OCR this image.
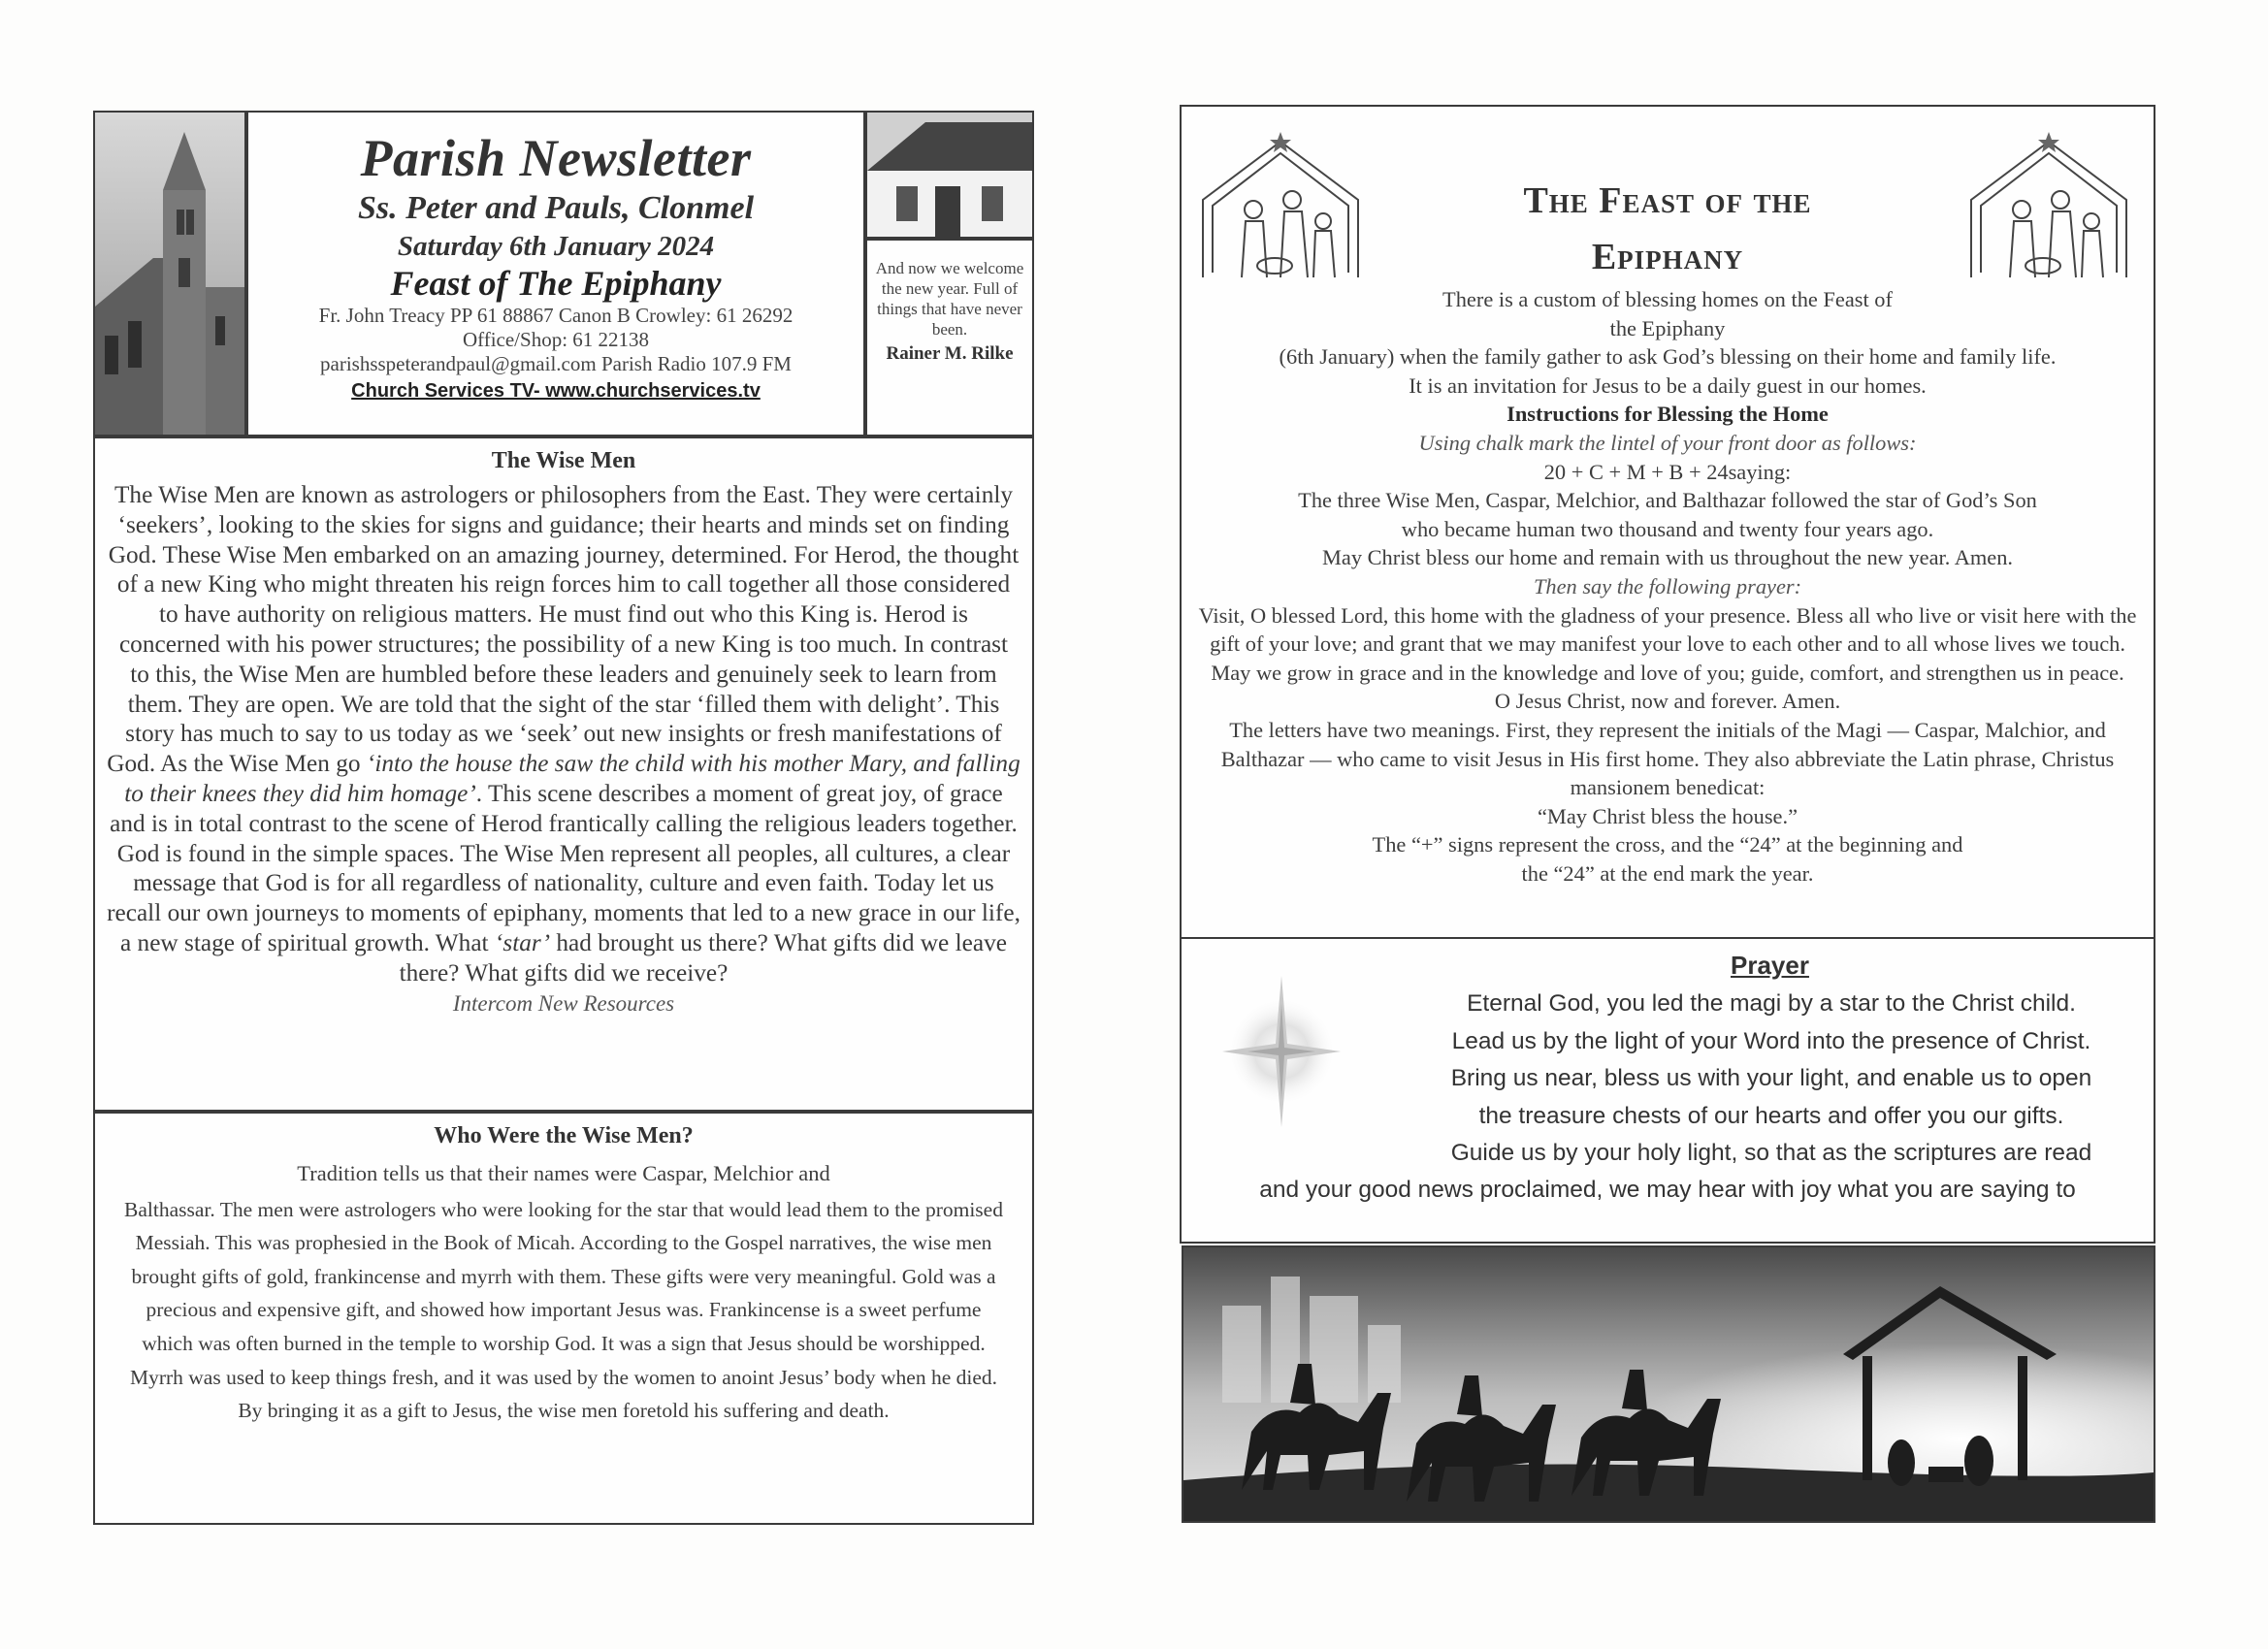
Parish Newsletter
Ss. Peter and Pauls, Clonmel
Saturday 6th January 2024
Feast of The Epiphany
Fr. John Treacy PP 61 88867 Canon B Crowley: 61 26292
Office/Shop: 61 22138
parishsspeterandpaul@gmail.com Parish Radio 107.9 FM
Church Services TV- www.churchservices.tv
And now we welcome the new year. Full of things that have never been.
Rainer M. Rilke
The Wise Men
The Wise Men are known as astrologers or philosophers from the East. They were certainly ‘seekers’, looking to the skies for signs and guidance; their hearts and minds set on finding God. These Wise Men embarked on an amazing journey, determined. For Herod, the thought of a new King who might threaten his reign forces him to call together all those considered to have authority on religious matters. He must find out who this King is. Herod is concerned with his power structures; the possibility of a new King is too much. In contrast to this, the Wise Men are humbled before these leaders and genuinely seek to learn from them. They are open. We are told that the sight of the star ‘filled them with delight’. This story has much to say to us today as we ‘seek’ out new insights or fresh manifestations of God. As the Wise Men go ‘into the house the saw the child with his mother Mary, and falling to their knees they did him homage’. This scene describes a moment of great joy, of grace and is in total contrast to the scene of Herod frantically calling the religious leaders together. God is found in the simple spaces. The Wise Men represent all peoples, all cultures, a clear message that God is for all regardless of nationality, culture and even faith. Today let us recall our own journeys to moments of epiphany, moments that led to a new grace in our life, a new stage of spiritual growth. What ‘star’ had brought us there? What gifts did we leave there? What gifts did we receive?
Intercom New Resources
Who Were the Wise Men?
Tradition tells us that their names were Caspar, Melchior and
Balthassar. The men were astrologers who were looking for the star that would lead them to the promised Messiah. This was prophesied in the Book of Micah. According to the Gospel narratives, the wise men brought gifts of gold, frankincense and myrrh with them. These gifts were very meaningful. Gold was a precious and expensive gift, and showed how important Jesus was. Frankincense is a sweet perfume which was often burned in the temple to worship God. It was a sign that Jesus should be worshipped. Myrrh was used to keep things fresh, and it was used by the women to anoint Jesus’ body when he died. By bringing it as a gift to Jesus, the wise men foretold his suffering and death.
The Feast of the
Epiphany
There is a custom of blessing homes on the Feast of
the Epiphany
(6th January) when the family gather to ask God’s blessing on their home and family life.
It is an invitation for Jesus to be a daily guest in our homes.
Instructions for Blessing the Home
Using chalk mark the lintel of your front door as follows:
20 + C + M + B + 24saying:
The three Wise Men, Caspar, Melchior, and Balthazar followed the star of God’s Son
who became human two thousand and twenty four years ago.
May Christ bless our home and remain with us throughout the new year. Amen.
Then say the following prayer:
Visit, O blessed Lord, this home with the gladness of your presence. Bless all who live or visit here with the gift of your love; and grant that we may manifest your love to each other and to all whose lives we touch. May we grow in grace and in the knowledge and love of you; guide, comfort, and strengthen us in peace.
O Jesus Christ, now and forever. Amen.
The letters have two meanings. First, they represent the initials of the Magi — Caspar, Malchior, and Balthazar — who came to visit Jesus in His first home. They also abbreviate the Latin phrase, Christus mansionem benedicat:
“May Christ bless the house.”
The “+” signs represent the cross, and the “24” at the beginning and
the “24” at the end mark the year.
Prayer
Eternal God, you led the magi by a star to the Christ child.
Lead us by the light of your Word into the presence of Christ.
Bring us near, bless us with your light, and enable us to open
the treasure chests of our hearts and offer you our gifts.
Guide us by your holy light, so that as the scriptures are read
and your good news proclaimed, we may hear with joy what you are saying to
